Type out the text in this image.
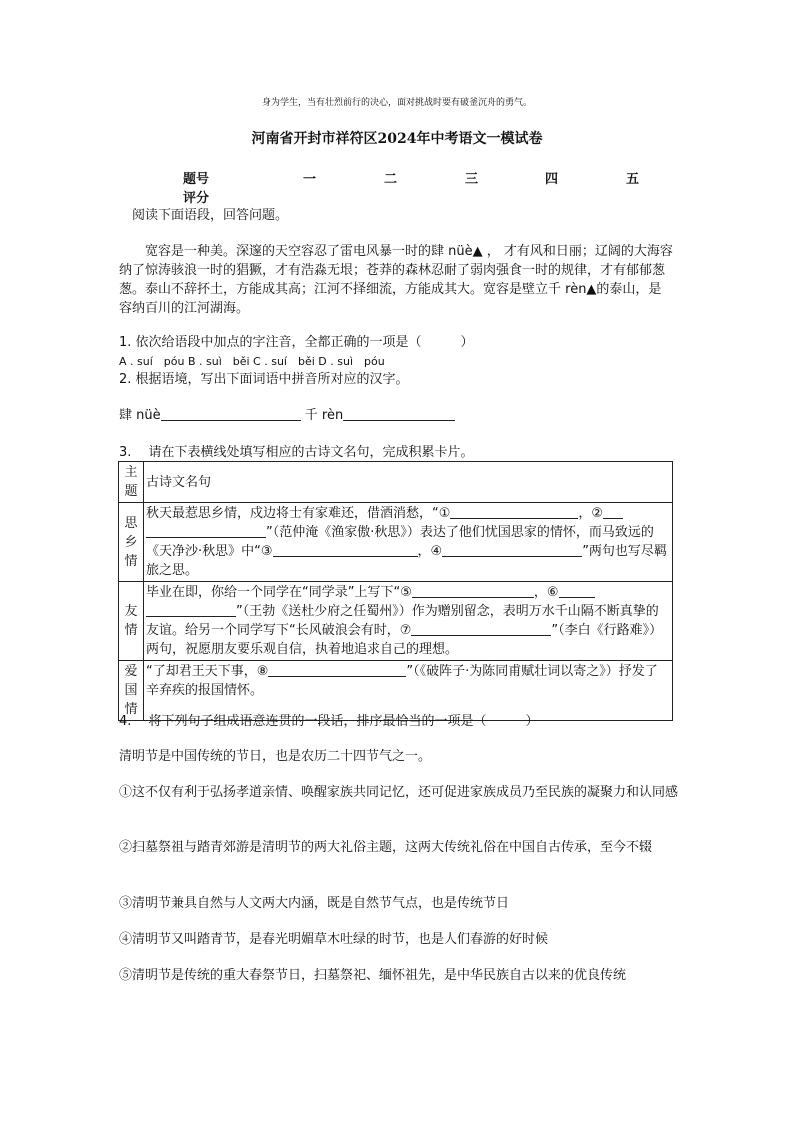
身为学生，当有壮烈前行的决心，面对挑战时要有破釜沉舟的勇气。
河南省开封市祥符区2024年中考语文一模试卷
题号	一	二	三	四	五
评分
阅读下面语段，回答问题。
宽容是一种美。深邃的天空容忍了雷电风暴一时的肆 nüè▲ ， 才有风和日丽；辽阔的大海容纳了惊涛骇浪一时的猖獗，才有浩淼无垠；苍莽的森林忍耐了弱肉强食一时的规律，才有郁郁葱葱。泰山不辞抔土，方能成其高；江河不择细流，方能成其大。宽容是壁立千 rèn▲的泰山，是容纳百川的江河湖海。
1. 依次给语段中加点的字注音，全都正确的一项是（　　　）
A . suí　póu B . suì　běi C . suí　běi D . suì　póu
2. 根据语境，写出下面词语中拼音所对应的汉字。
肆 nüè	千 rèn
3.　 请在下表横线处填写相应的古诗文名句，完成积累卡片。
主题	古诗文名句
思乡情	秋天最惹思乡情，戍边将士有家难还，借酒消愁，“① ，② ”（范仲淹《渔家傲·秋思》）表达了他们忧国思家的情怀，而马致远的《天净沙·秋思》中“③ ，④ ”两句也写尽羁旅之思。
友情	毕业在即，你给一个同学在“同学录”上写下“⑤ ，⑥ ”（王勃《送杜少府之任蜀州》）作为赠别留念，表明万水千山隔不断真挚的友谊。给另一个同学写下“长风破浪会有时，⑦ ”（李白《行路难》）两句，祝愿朋友要乐观自信，执着地追求自己的理想。
爱国情	“了却君王天下事，⑧ ”（《破阵子·为陈同甫赋壮词以寄之》）抒发了辛弃疾的报国情怀。
4.　 将下列句子组成语意连贯的一段话，排序最恰当的一项是（　　　）
清明节是中国传统的节日，也是农历二十四节气之一。
①这不仅有利于弘扬孝道亲情、唤醒家族共同记忆，还可促进家族成员乃至民族的凝聚力和认同感
②扫墓祭祖与踏青郊游是清明节的两大礼俗主题，这两大传统礼俗在中国自古传承，至今不辍
③清明节兼具自然与人文两大内涵，既是自然节气点，也是传统节日
④清明节又叫踏青节，是春光明媚草木吐绿的时节，也是人们春游的好时候
⑤清明节是传统的重大春祭节日，扫墓祭祀、缅怀祖先，是中华民族自古以来的优良传统
